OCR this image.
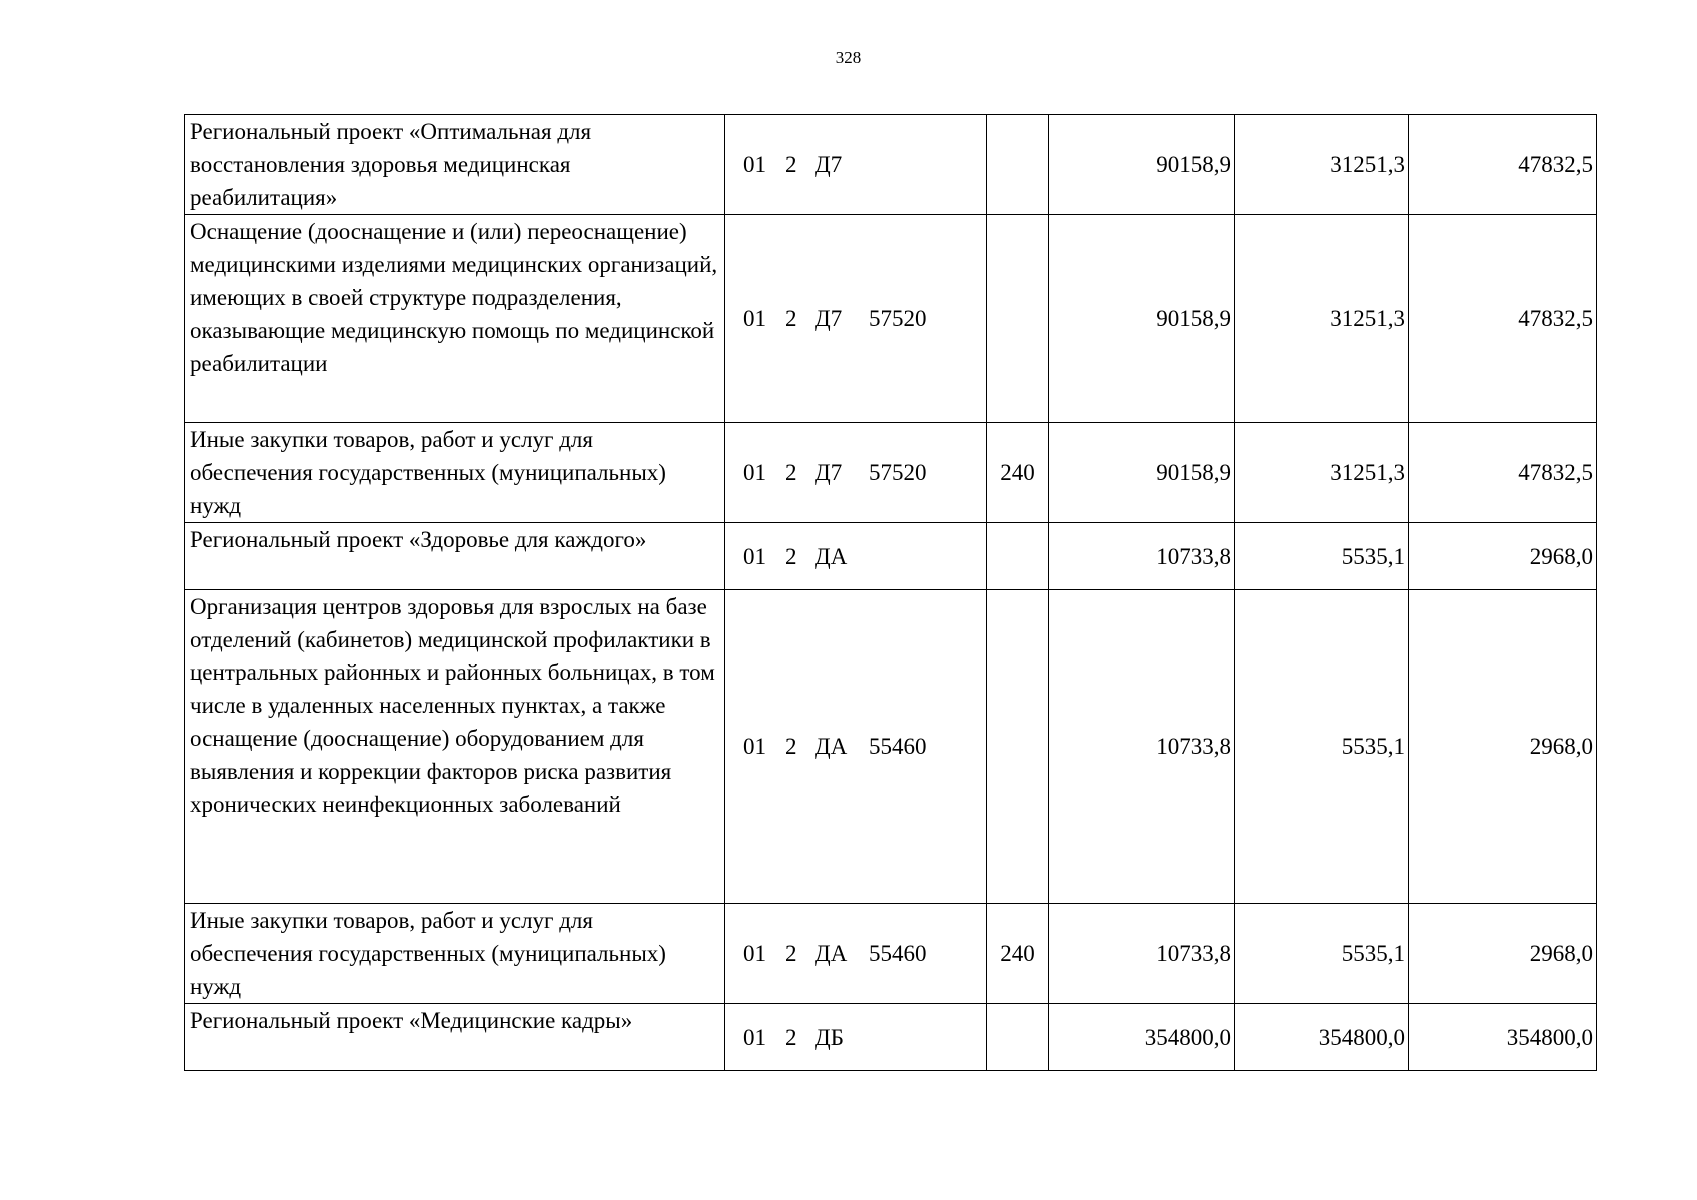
328
Региональный проект «Оптимальная для восстановления здоровья медицинская реабилитация»	01 2 Д7		90158,9	31251,3	47832,5
Оснащение (дооснащение и (или) переоснащение) медицинскими изделиями медицинских организаций, имеющих в своей структуре подразделения, оказывающие медицинскую помощь по медицинской реабилитации	01 2 Д7 57520		90158,9	31251,3	47832,5
Иные закупки товаров, работ и услуг для обеспечения государственных (муниципальных) нужд	01 2 Д7 57520	240	90158,9	31251,3	47832,5
Региональный проект «Здоровье для каждого»	01 2 ДА		10733,8	5535,1	2968,0
Организация центров здоровья для взрослых на базе отделений (кабинетов) медицинской профилактики в центральных районных и районных больницах, в том числе в удаленных населенных пунктах, а также оснащение (дооснащение) оборудованием для выявления и коррекции факторов риска развития хронических неинфекционных заболеваний	01 2 ДА 55460		10733,8	5535,1	2968,0
Иные закупки товаров, работ и услуг для обеспечения государственных (муниципальных) нужд	01 2 ДА 55460	240	10733,8	5535,1	2968,0
Региональный проект «Медицинские кадры»	01 2 ДБ		354800,0	354800,0	354800,0
